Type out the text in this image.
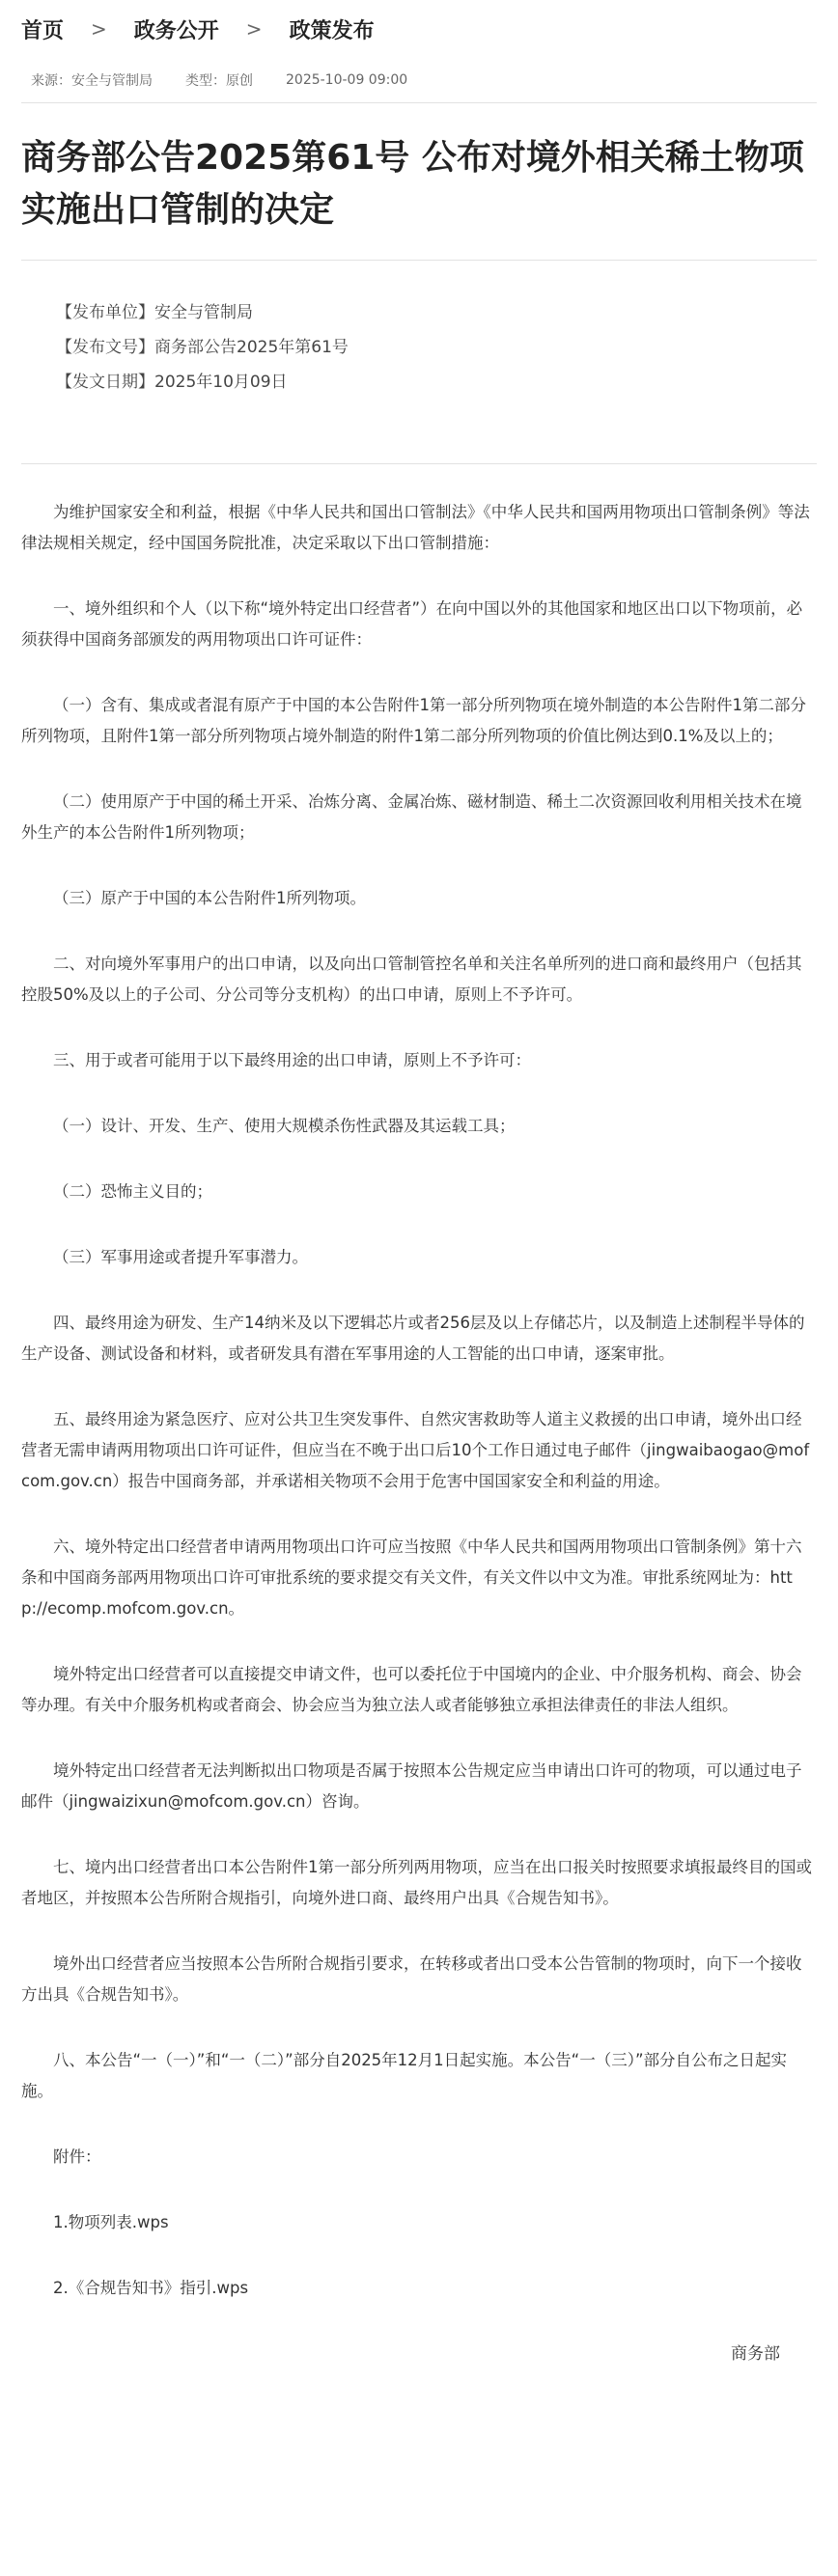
首页 > 政务公开 > 政策发布
来源：安全与管制局 类型：原创 2025-10-09 09:00
商务部公告2025第61号 公布对境外相关稀土物项实施出口管制的决定
【发布单位】安全与管制局
【发布文号】商务部公告2025年第61号
【发文日期】2025年10月09日

为维护国家安全和利益，根据《中华人民共和国出口管制法》《中华人民共和国两用物项出口管制条例》等法律法规相关规定，经中国国务院批准，决定采取以下出口管制措施：

一、境外组织和个人（以下称“境外特定出口经营者”）在向中国以外的其他国家和地区出口以下物项前，必须获得中国商务部颁发的两用物项出口许可证件：

（一）含有、集成或者混有原产于中国的本公告附件1第一部分所列物项在境外制造的本公告附件1第二部分所列物项，且附件1第一部分所列物项占境外制造的附件1第二部分所列物项的价值比例达到0.1%及以上的；

（二）使用原产于中国的稀土开采、冶炼分离、金属冶炼、磁材制造、稀土二次资源回收利用相关技术在境外生产的本公告附件1所列物项；

（三）原产于中国的本公告附件1所列物项。

二、对向境外军事用户的出口申请，以及向出口管制管控名单和关注名单所列的进口商和最终用户（包括其控股50%及以上的子公司、分公司等分支机构）的出口申请，原则上不予许可。

三、用于或者可能用于以下最终用途的出口申请，原则上不予许可：

（一）设计、开发、生产、使用大规模杀伤性武器及其运载工具；

（二）恐怖主义目的；

（三）军事用途或者提升军事潜力。

四、最终用途为研发、生产14纳米及以下逻辑芯片或者256层及以上存储芯片，以及制造上述制程半导体的生产设备、测试设备和材料，或者研发具有潜在军事用途的人工智能的出口申请，逐案审批。

五、最终用途为紧急医疗、应对公共卫生突发事件、自然灾害救助等人道主义救援的出口申请，境外出口经营者无需申请两用物项出口许可证件，但应当在不晚于出口后10个工作日通过电子邮件（jingwaibaogao@mofcom.gov.cn）报告中国商务部，并承诺相关物项不会用于危害中国国家安全和利益的用途。

六、境外特定出口经营者申请两用物项出口许可应当按照《中华人民共和国两用物项出口管制条例》第十六条和中国商务部两用物项出口许可审批系统的要求提交有关文件，有关文件以中文为准。审批系统网址为：http://ecomp.mofcom.gov.cn。

境外特定出口经营者可以直接提交申请文件，也可以委托位于中国境内的企业、中介服务机构、商会、协会等办理。有关中介服务机构或者商会、协会应当为独立法人或者能够独立承担法律责任的非法人组织。

境外特定出口经营者无法判断拟出口物项是否属于按照本公告规定应当申请出口许可的物项，可以通过电子邮件（jingwaizixun@mofcom.gov.cn）咨询。

七、境内出口经营者出口本公告附件1第一部分所列两用物项，应当在出口报关时按照要求填报最终目的国或者地区，并按照本公告所附合规指引，向境外进口商、最终用户出具《合规告知书》。

境外出口经营者应当按照本公告所附合规指引要求，在转移或者出口受本公告管制的物项时，向下一个接收方出具《合规告知书》。

八、本公告“一（一）”和“一（二）”部分自2025年12月1日起实施。本公告“一（三）”部分自公布之日起实施。

附件：

1.物项列表.wps

2.《合规告知书》指引.wps

商务部
